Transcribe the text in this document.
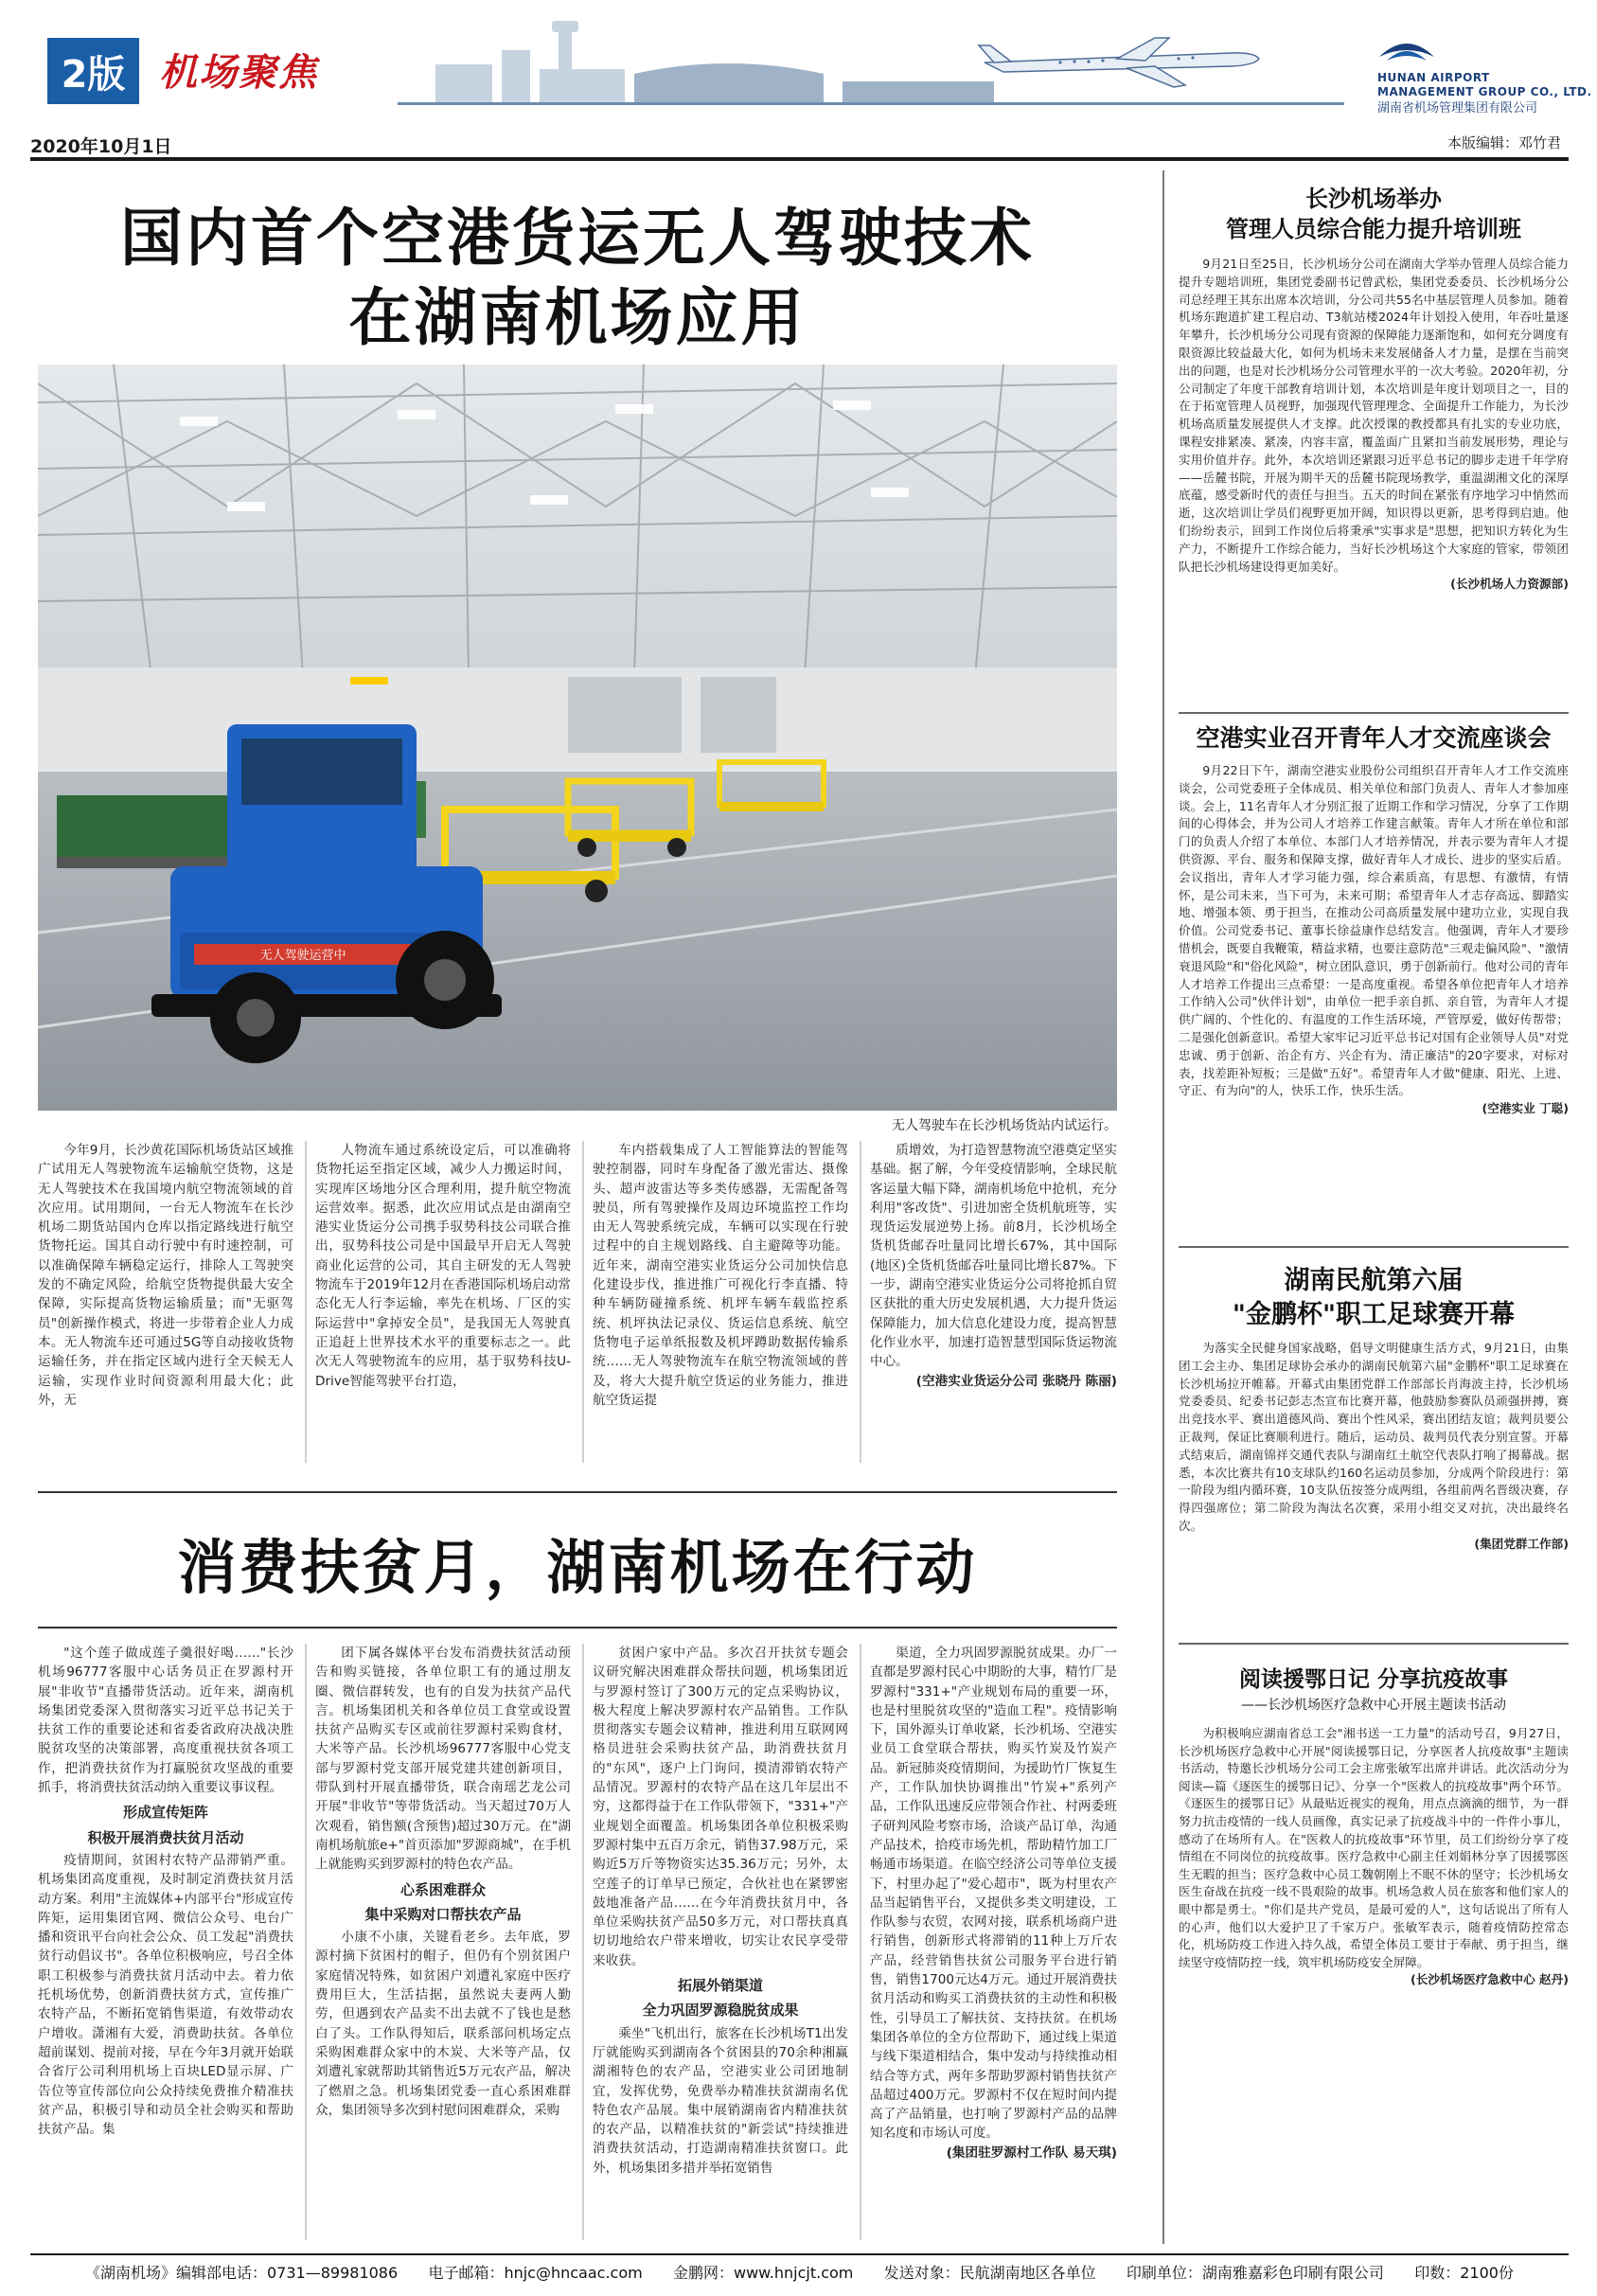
2版 机场聚焦	HUNAN AIRPORT
MANAGEMENT GROUP CO., LTD.
湖南省机场管理集团有限公司
2020年10月1日	本版编辑：邓竹君
国内首个空港货运无人驾驶技术
在湖南机场应用
无人驾驶运营中
无人驾驶车在长沙机场货站内试运行。

今年9月，长沙黄花国际机场货站区域推广试用无人驾驶物流车运输航空货物，这是无人驾驶技术在我国境内航空物流领域的首次应用。试用期间，一台无人物流车在长沙机场二期货站国内仓库以指定路线进行航空货物托运。国其自动行驶中有时速控制，可以准确保障车辆稳定运行，排除人工驾驶突发的不确定风险，给航空货物提供最大安全保障，实际提高货物运输质量；而"无驱驾员"创新操作模式，将进一步带着企业人力成本。无人物流车还可通过5G等自动接收货物运输任务，并在指定区域内进行全天候无人运输，实现作业时间资源利用最大化；此外，无

人物流车通过系统设定后，可以准确将货物托运至指定区域，减少人力搬运时间，实现库区场地分区合理利用，提升航空物流运营效率。据悉，此次应用试点是由湖南空港实业货运分公司携手驭势科技公司联合推出，驭势科技公司是中国最早开启无人驾驶商业化运营的公司，其自主研发的无人驾驶物流车于2019年12月在香港国际机场启动常态化无人行李运输，率先在机场、厂区的实际运营中"拿掉安全员"，是我国无人驾驶真正追赶上世界技术水平的重要标志之一。此次无人驾驶物流车的应用，基于驭势科技U-Drive智能驾驶平台打造，

车内搭载集成了人工智能算法的智能驾驶控制器，同时车身配备了激光雷达、摄像头、超声波雷达等多类传感器，无需配备驾驶员，所有驾驶操作及周边环境监控工作均由无人驾驶系统完成，车辆可以实现在行驶过程中的自主规划路线、自主避障等功能。近年来，湖南空港实业货运分公司加快信息化建设步伐，推进推广可视化行李直播、特种车辆防碰撞系统、机坪车辆车载监控系统、机坪执法记录仪、货运信息系统、航空货物电子运单纸报数及机坪蹲助数据传输系统……无人驾驶物流车在航空物流领域的普及，将大大提升航空货运的业务能力，推进航空货运提

质增效，为打造智慧物流空港奠定坚实基础。据了解，今年受疫情影响，全球民航客运量大幅下降，湖南机场危中抢机，充分利用"客改货"、引进加密全货机航班等，实现货运发展逆势上扬。前8月，长沙机场全货机货邮吞吐量同比增长67%，其中国际(地区)全货机货邮吞吐量同比增长87%。下一步，湖南空港实业货运分公司将抢抓自贸区获批的重大历史发展机遇，大力提升货运保障能力，加大信息化建设力度，提高智慧化作业水平，加速打造智慧型国际货运物流中心。

(空港实业货运分公司 张晓丹 陈丽)

消费扶贫月，湖南机场在行动

"这个莲子做成莲子羹很好喝……"长沙机场96777客服中心话务员正在罗源村开展"非收节"直播带货活动。近年来，湖南机场集团党委深入贯彻落实习近平总书记关于扶贫工作的重要论述和省委省政府决战决胜脱贫攻坚的决策部署，高度重视扶贫各项工作，把消费扶贫作为打赢脱贫攻坚战的重要抓手，将消费扶贫活动纳入重要议事议程。

形成宣传矩阵

积极开展消费扶贫月活动

疫情期间，贫困村农特产品滞销严重。机场集团高度重视，及时制定消费扶贫月活动方案。利用"主流媒体+内部平台"形成宣传阵矩，运用集团官网、微信公众号、电台广播和资讯平台向社会公众、员工发起"消费扶贫行动倡议书"。各单位积极响应，号召全体职工积极参与消费扶贫月活动中去。着力依托机场优势，创新消费扶贫方式，宣传推广农特产品，不断拓宽销售渠道，有效带动农户增收。潇湘有大爱，消费助扶贫。各单位超前谋划、提前对接，早在今年3月就开始联合省厅公司利用机场上百块LED显示屏、广告位等宣传部位向公众持续免费推介精准扶贫产品，积极引导和动员全社会购买和帮助扶贫产品。集

团下属各媒体平台发布消费扶贫活动预告和购买链接，各单位职工有的通过朋友圈、微信群转发，也有的自发为扶贫产品代言。机场集团机关和各单位员工食堂或设置扶贫产品购买专区或前往罗源村采购食材，大米等产品。长沙机场96777客服中心党支部与罗源村党支部开展党建共建创新项目，带队到村开展直播带货，联合南瑶艺龙公司开展"非收节"等带货活动。当天超过70万人次观看，销售额(含预售)超过30万元。在"湖南机场航旅e+"首页添加"罗源商城"，在手机上就能购买到罗源村的特色农产品。

心系困难群众

集中采购对口帮扶农产品

小康不小康，关键看老乡。去年底，罗源村摘下贫困村的帽子，但仍有个别贫困户家庭情况特殊，如贫困户刘遭礼家庭中医疗费用巨大，生活拮据，虽然说夫妻两人勤劳，但遇到农产品卖不出去就不了钱也是愁白了头。工作队得知后，联系部问机场定点采购困难群众家中的木炭、大米等产品，仅刘遭礼家就帮助其销售近5万元农产品，解决了燃眉之急。机场集团党委一直心系困难群众，集团领导多次到村慰问困难群众，采购

贫困户家中产品。多次召开扶贫专题会议研究解决困难群众帮扶问题，机场集团近与罗源村签订了300万元的定点采购协议，极大程度上解决罗源村农产品销售。工作队贯彻落实专题会议精神，推进利用互联网网格员进驻会采购扶贫产品，助消费扶贫月的"东风"，逐户上门询问，摸清滞销农特产品情况。罗源村的农特产品在这几年层出不穷，这都得益于在工作队带领下，"331+"产业规划全面覆盖。机场集团各单位积极采购罗源村集中五百万余元，销售37.98万元，采购近5万斤等物资实达35.36万元；另外，太空莲子的订单早已预定，合伙社也在紧锣密鼓地准备产品……在今年消费扶贫月中，各单位采购扶贫产品50多万元，对口帮扶真真切切地给农户带来增收，切实让农民享受带来收获。

拓展外销渠道

全力巩固罗源稳脱贫成果

乘坐"飞机出行，旅客在长沙机场T1出发厅就能购买到湖南各个贫困县的70余种湘赢湖湘特色的农产品，空港实业公司团地制宜，发挥优势，免费举办精准扶贫湖南名优特色农产品展。集中展销湖南省内精准扶贫的农产品，以精准扶贫的"新尝试"持续推进消费扶贫活动，打造湖南精准扶贫窗口。此外，机场集团多措并举拓宽销售

渠道，全力巩固罗源脱贫成果。办厂一直都是罗源村民心中期盼的大事，精竹厂是罗源村"331+"产业规划布局的重要一环，也是村里脱贫攻坚的"造血工程"。疫情影响下，国外源头订单收紧，长沙机场、空港实业员工食堂联合帮扶，购买竹炭及竹炭产品。新冠肺炎疫情期间，为援助竹厂恢复生产，工作队加快协调推出"竹炭+"系列产品，工作队迅速反应带领合作社、村两委班子研判风险考察市场，洽谈产品订单，沟通产品技术，拾疫市场先机，帮助精竹加工厂畅通市场渠道。在临空经济公司等单位支援下，村里办起了"爱心超市"，既为村里农产品当起销售平台，又提供多类文明建设，工作队参与农贸，农网对接，联系机场商户进行销售，创新形式将滞销的11种上万斤农产品，经营销售扶贫公司服务平台进行销售，销售1700元达4万元。通过开展消费扶贫月活动和购买工消费扶贫的主动性和积极性，引导员工了解扶贫、支持扶贫。在机场集团各单位的全方位帮助下，通过线上渠道与线下渠道相结合，集中发动与持续推动相结合等方式，两年多帮助罗源村销售扶贫产品超过400万元。罗源村不仅在短时间内提高了产品销量，也打响了罗源村产品的品牌知名度和市场认可度。

(集团驻罗源村工作队 易天琪)

长沙机场举办
管理人员综合能力提升培训班

9月21日至25日，长沙机场分公司在湖南大学举办管理人员综合能力提升专题培训班，集团党委副书记曾武松，集团党委委员、长沙机场分公司总经理王其东出席本次培训，分公司共55名中基层管理人员参加。随着机场东跑道扩建工程启动、T3航站楼2024年计划投入使用，年吞吐量逐年攀升，长沙机场分公司现有资源的保障能力逐渐饱和，如何充分调度有限资源比较益最大化，如何为机场未来发展储备人才力量，是摆在当前突出的问题，也是对长沙机场分公司管理水平的一次大考验。2020年初，分公司制定了年度干部教育培训计划，本次培训是年度计划项目之一，目的在于拓宽管理人员视野，加强现代管理理念、全面提升工作能力，为长沙机场高质量发展提供人才支撑。此次授课的教授都具有扎实的专业功底，课程安排紧凑、紧凑，内容丰富，覆盖面广且紧扣当前发展形势，理论与实用价值并存。此外，本次培训还紧跟习近平总书记的脚步走进千年学府——岳麓书院，开展为期半天的岳麓书院现场教学，重温湖湘文化的深厚底蕴，感受新时代的责任与担当。五天的时间在紧张有序地学习中悄然而逝，这次培训让学员们视野更加开阔，知识得以更新，思考得到启迪。他们纷纷表示，回到工作岗位后将秉承"实事求是"思想，把知识方转化为生产力，不断提升工作综合能力，当好长沙机场这个大家庭的管家，带领团队把长沙机场建设得更加美好。

(长沙机场人力资源部)

空港实业召开青年人才交流座谈会

9月22日下午，湖南空港实业股份公司组织召开青年人才工作交流座谈会，公司党委班子全体成员、相关单位和部门负责人、青年人才参加座谈。会上，11名青年人才分别汇报了近期工作和学习情况，分享了工作期间的心得体会，并为公司人才培养工作建言献策。青年人才所在单位和部门的负责人介绍了本单位、本部门人才培养情况，并表示要为青年人才提供资源、平台、服务和保障支撑，做好青年人才成长、进步的坚实后盾。会议指出，青年人才学习能力强，综合素质高，有思想、有激情，有情怀，是公司未来，当下可为，未来可期；希望青年人才志存高远、脚踏实地、增强本领、勇于担当，在推动公司高质量发展中建功立业，实现自我价值。公司党委书记、董事长徐益康作总结发言。他强调，青年人才要珍惜机会，既要自我鞭策，精益求精，也要注意防范"三观走偏风险"、"激情衰退风险"和"俗化风险"，树立团队意识，勇于创新前行。他对公司的青年人才培养工作提出三点希望：一是高度重视。希望各单位把青年人才培养工作纳入公司"伙伴计划"，由单位一把手亲自抓、亲自管，为青年人才提供广阔的、个性化的、有温度的工作生活环境，严管厚爱，做好传帮带；二是强化创新意识。希望大家牢记习近平总书记对国有企业领导人员"对党忠诚、勇于创新、治企有方、兴企有为、清正廉洁"的20字要求，对标对表，找差距补短板；三是做"五好"。希望青年人才做"健康、阳光、上进、守正、有为向"的人，快乐工作，快乐生活。

(空港实业 丁聪)

湖南民航第六届
"金鹏杯"职工足球赛开幕

为落实全民健身国家战略，倡导文明健康生活方式，9月21日，由集团工会主办、集团足球协会承办的湖南民航第六届"金鹏杯"职工足球赛在长沙机场拉开帷幕。开幕式由集团党群工作部部长肖海波主持，长沙机场党委委员、纪委书记彭志杰宣布比赛开幕，他鼓励参赛队员顽强拼搏，赛出竞技水平、赛出道德风尚、赛出个性风采，赛出团结友谊；裁判员要公正裁判，保证比赛顺利进行。随后，运动员、裁判员代表分别宣誓。开幕式结束后，湖南锦祥交通代表队与湖南红土航空代表队打响了揭幕战。据悉，本次比赛共有10支球队约160名运动员参加，分成两个阶段进行：第一阶段为组内循环赛，10支队伍按签分成两组，各组前两名晋级决赛，存得四强席位；第二阶段为淘汰名次赛，采用小组交叉对抗，决出最终名次。

(集团党群工作部)

阅读援鄂日记 分享抗疫故事
——长沙机场医疗急救中心开展主题读书活动

为积极响应湖南省总工会"湘书送一工力量"的活动号召，9月27日，长沙机场医疗急救中心开展"阅读援鄂日记，分享医者人抗疫故事"主题读书活动，特邀长沙机场分公司工会主席张敏军出席并讲话。此次活动分为阅读—篇《逐医生的援鄂日记》、分享一个"医救人的抗疫故事"两个环节。《逐医生的援鄂日记》从最贴近视实的视角，用点点滴滴的细节，为一群努力抗击疫情的一线人员画像，真实记录了抗疫战斗中的一件件小事儿，感动了在场所有人。在"医救人的抗疫故事"环节里，员工们纷纷分享了疫情组在不同岗位的抗疫故事。医疗急救中心副主任刘娟林分享了因援鄂医生无暇的担当；医疗急救中心员工魏朝刚上不眠不休的坚守；长沙机场女医生奋战在抗疫一线不畏艰险的故事。机场急救人员在旅客和他们家人的眼中都是勇士。"你们是共产党员，是最可爱的人"，这句话说出了所有人的心声，他们以大爱护卫了千家万户。张敏军表示，随着疫情防控常态化，机场防疫工作进入持久战，希望全体员工要甘于奉献、勇于担当，继续坚守疫情防控一线，筑牢机场防疫安全屏障。

(长沙机场医疗急救中心 赵丹)

《湖南机场》编辑部电话：0731—89981086 电子邮箱：hnjc@hncaac.com 金鹏网：www.hnjcjt.com 发送对象：民航湖南地区各单位 印刷单位：湖南雅嘉彩色印刷有限公司 印数：2100份
